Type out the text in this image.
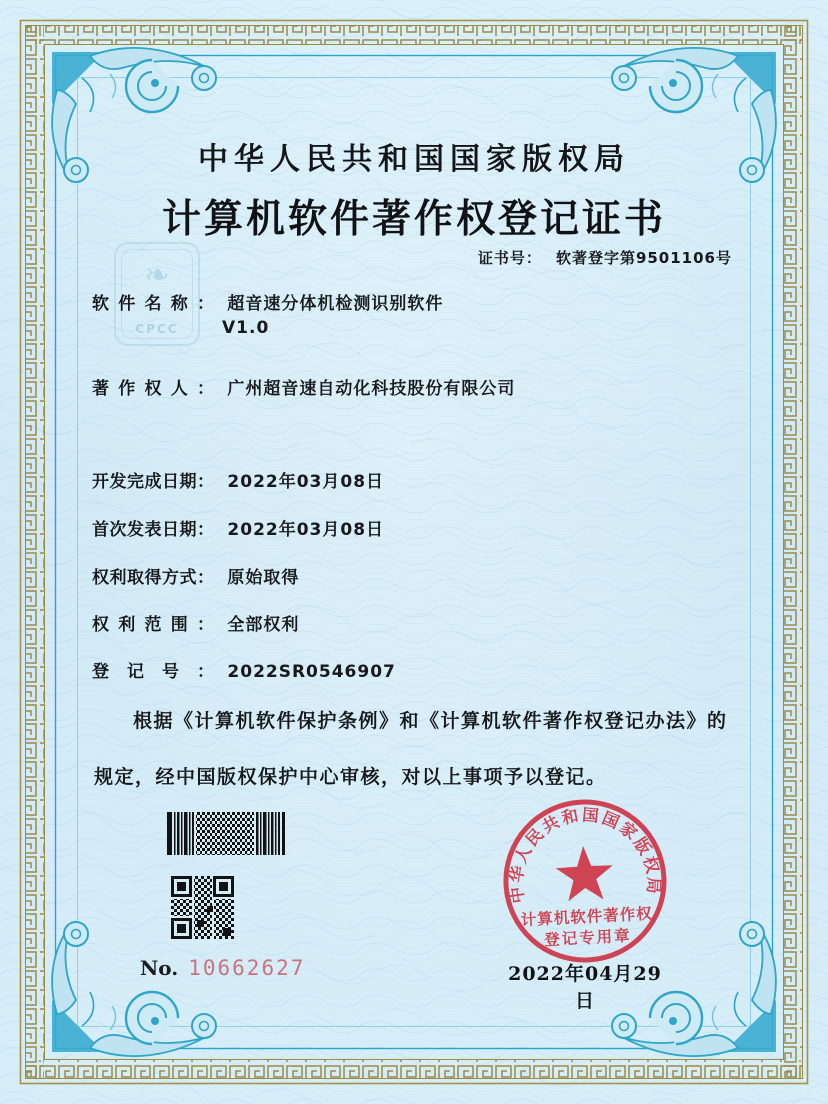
❧
CPCC
中华人民共和国国家版权局
计算机软件著作权登记证书
证书号： 软著登字第9501106号
软件名称： 超音速分体机检测识别软件
V1.0
著作权人： 广州超音速自动化科技股份有限公司
开发完成日期： 2022年03月08日
首次发表日期： 2022年03月08日
权利取得方式： 原始取得
权利范围： 全部权利
登记号： 2022SR0546907
根据《计算机软件保护条例》和《计算机软件著作权登记办法》的
规定，经中国版权保护中心审核，对以上事项予以登记。
No. 10662627
中华人民共和国国家版权局
计算机软件著作权
登记专用章
2022年04月29日
